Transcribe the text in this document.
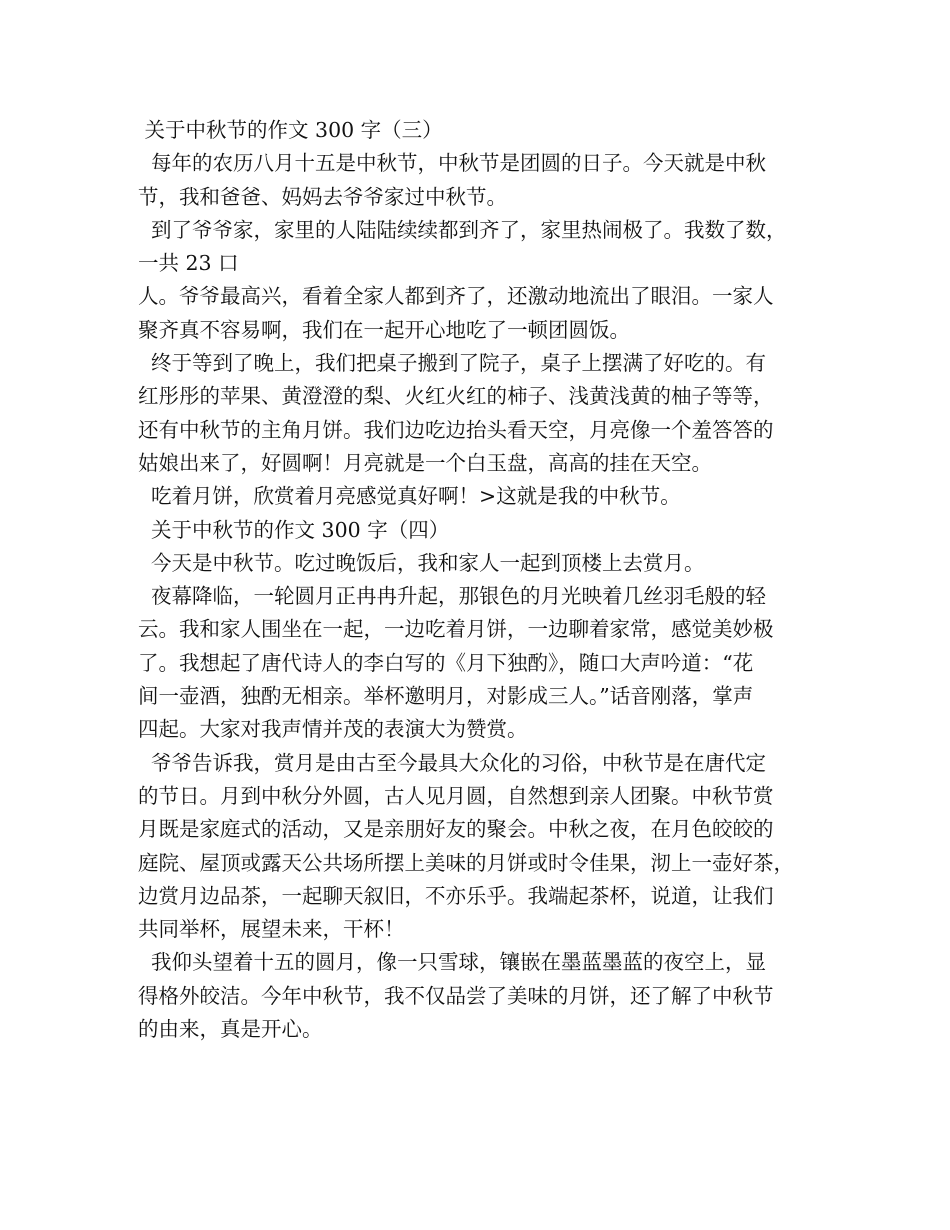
关于中秋节的作文 300 字（三）
每年的农历八月十五是中秋节，中秋节是团圆的日子。今天就是中秋
节，我和爸爸、妈妈去爷爷家过中秋节。
到了爷爷家，家里的人陆陆续续都到齐了，家里热闹极了。我数了数，
一共 23 口
人。爷爷最高兴，看着全家人都到齐了，还激动地流出了眼泪。一家人
聚齐真不容易啊，我们在一起开心地吃了一顿团圆饭。
终于等到了晚上，我们把桌子搬到了院子，桌子上摆满了好吃的。有
红彤彤的苹果、黄澄澄的梨、火红火红的柿子、浅黄浅黄的柚子等等，
还有中秋节的主角月饼。我们边吃边抬头看天空，月亮像一个羞答答的
姑娘出来了，好圆啊！月亮就是一个白玉盘，高高的挂在天空。
吃着月饼，欣赏着月亮感觉真好啊！>这就是我的中秋节。
关于中秋节的作文 300 字（四）
今天是中秋节。吃过晚饭后，我和家人一起到顶楼上去赏月。
夜幕降临，一轮圆月正冉冉升起，那银色的月光映着几丝羽毛般的轻
云。我和家人围坐在一起，一边吃着月饼，一边聊着家常，感觉美妙极
了。我想起了唐代诗人的李白写的《月下独酌》，随口大声吟道：“花
间一壶酒，独酌无相亲。举杯邀明月，对影成三人。”话音刚落，掌声
四起。大家对我声情并茂的表演大为赞赏。
爷爷告诉我，赏月是由古至今最具大众化的习俗，中秋节是在唐代定
的节日。月到中秋分外圆，古人见月圆，自然想到亲人团聚。中秋节赏
月既是家庭式的活动，又是亲朋好友的聚会。中秋之夜，在月色皎皎的
庭院、屋顶或露天公共场所摆上美味的月饼或时令佳果，沏上一壶好茶，
边赏月边品茶，一起聊天叙旧，不亦乐乎。我端起茶杯，说道，让我们
共同举杯，展望未来，干杯！
我仰头望着十五的圆月，像一只雪球，镶嵌在墨蓝墨蓝的夜空上，显
得格外皎洁。今年中秋节，我不仅品尝了美味的月饼，还了解了中秋节
的由来，真是开心。
